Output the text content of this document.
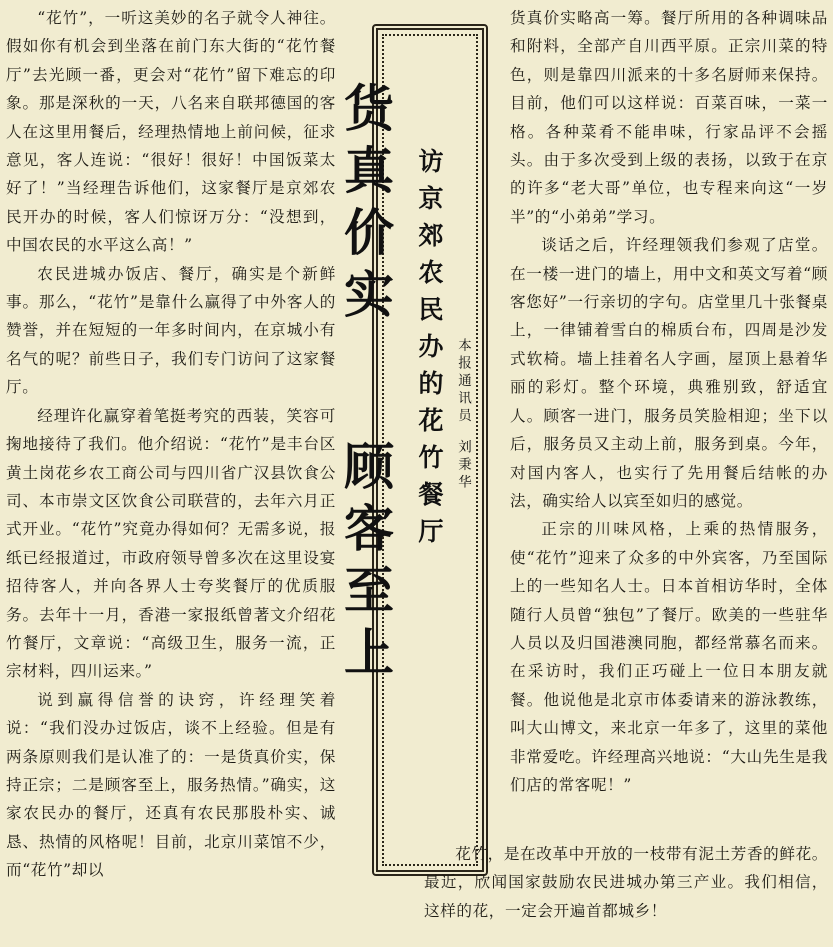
“花竹”，一听这美妙的名子就令人神往。假如你有机会到坐落在前门东大街的“花竹餐厅”去光顾一番，更会对“花竹”留下难忘的印象。那是深秋的一天，八名来自联邦德国的客人在这里用餐后，经理热情地上前问候，征求意见，客人连说：“很好！很好！中国饭菜太好了！”当经理告诉他们，这家餐厅是京郊农民开办的时候，客人们惊讶万分：“没想到，中国农民的水平这么高！”

农民进城办饭店、餐厅，确实是个新鲜事。那么，“花竹”是靠什么赢得了中外客人的赞誉，并在短短的一年多时间内，在京城小有名气的呢？前些日子，我们专门访问了这家餐厅。

经理许化赢穿着笔挺考究的西装，笑容可掬地接待了我们。他介绍说：“花竹”是丰台区黄土岗花乡农工商公司与四川省广汉县饮食公司、本市崇文区饮食公司联营的，去年六月正式开业。“花竹”究竟办得如何？无需多说，报纸已经报道过，市政府领导曾多次在这里设宴招待客人，并向各界人士夸奖餐厅的优质服务。去年十一月，香港一家报纸曾著文介绍花竹餐厅，文章说：“高级卫生，服务一流，正宗材料，四川运来。”

说到赢得信誉的诀窍，许经理笑着说：“我们没办过饭店，谈不上经验。但是有两条原则我们是认准了的：一是货真价实，保持正宗；二是顾客至上，服务热情。”确实，这家农民办的餐厅，还真有农民那股朴实、诚恳、热情的风格呢！目前，北京川菜馆不少，而“花竹”却以

货真价实
顾客至上
访京郊农民办的花竹餐厅 本报通讯员刘秉华

货真价实略高一筹。餐厅所用的各种调味品和附料，全部产自川西平原。正宗川菜的特色，则是靠四川派来的十多名厨师来保持。目前，他们可以这样说：百菜百味，一菜一格。各种菜肴不能串味，行家品评不会摇头。由于多次受到上级的表扬，以致于在京的许多“老大哥”单位，也专程来向这“一岁半”的“小弟弟”学习。

谈话之后，许经理领我们参观了店堂。在一楼一进门的墙上，用中文和英文写着“顾客您好”一行亲切的字句。店堂里几十张餐桌上，一律铺着雪白的棉质台布，四周是沙发式软椅。墙上挂着名人字画，屋顶上悬着华丽的彩灯。整个环境，典雅别致，舒适宜人。顾客一进门，服务员笑脸相迎；坐下以后，服务员又主动上前，服务到桌。今年，对国内客人，也实行了先用餐后结帐的办法，确实给人以宾至如归的感觉。

正宗的川味风格，上乘的热情服务，使“花竹”迎来了众多的中外宾客，乃至国际上的一些知名人士。日本首相访华时，全体随行人员曾“独包”了餐厅。欧美的一些驻华人员以及归国港澳同胞，都经常慕名而来。在采访时，我们正巧碰上一位日本朋友就餐。他说他是北京市体委请来的游泳教练，叫大山博文，来北京一年多了，这里的菜他非常爱吃。许经理高兴地说：“大山先生是我们店的常客呢！”

花竹，是在改革中开放的一枝带有泥土芳香的鲜花。最近，欣闻国家鼓励农民进城办第三产业。我们相信，这样的花，一定会开遍首都城乡！
